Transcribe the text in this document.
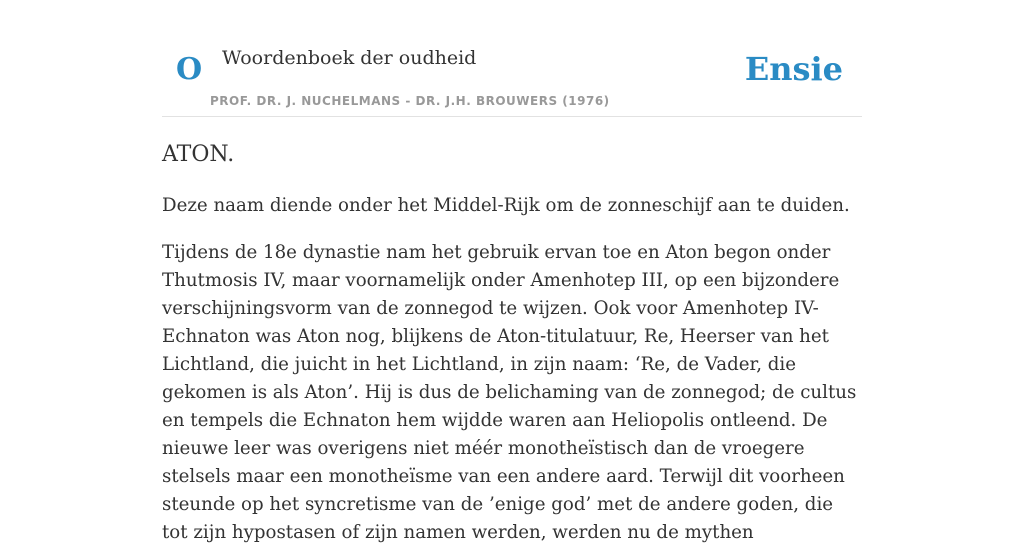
O Woordenboek der oudheid
PROF. DR. J. NUCHELMANS - DR. J.H. BROUWERS (1976)
Ensie
ATON.

Deze naam diende onder het Middel-Rijk om de zonneschijf aan te duiden.

Tijdens de 18e dynastie nam het gebruik ervan toe en Aton begon onder Thutmosis IV, maar voornamelijk onder Amenhotep III, op een bijzondere verschijningsvorm van de zonnegod te wijzen. Ook voor Amenhotep IV-Echnaton was Aton nog, blijkens de Aton-titulatuur, Re, Heerser van het Lichtland, die juicht in het Lichtland, in zijn naam: ‘Re, de Vader, die gekomen is als Aton’. Hij is dus de belichaming van de zonnegod; de cultus en tempels die Echnaton hem wijdde waren aan Heliopolis ontleend. De nieuwe leer was overigens niet méér monotheïstisch dan de vroegere stelsels maar een monotheïsme van een andere aard. Terwijl dit voorheen steunde op het syncretisme van de ’enige god’ met de andere goden, die tot zijn hypostasen of zijn namen werden, werden nu de mythen
